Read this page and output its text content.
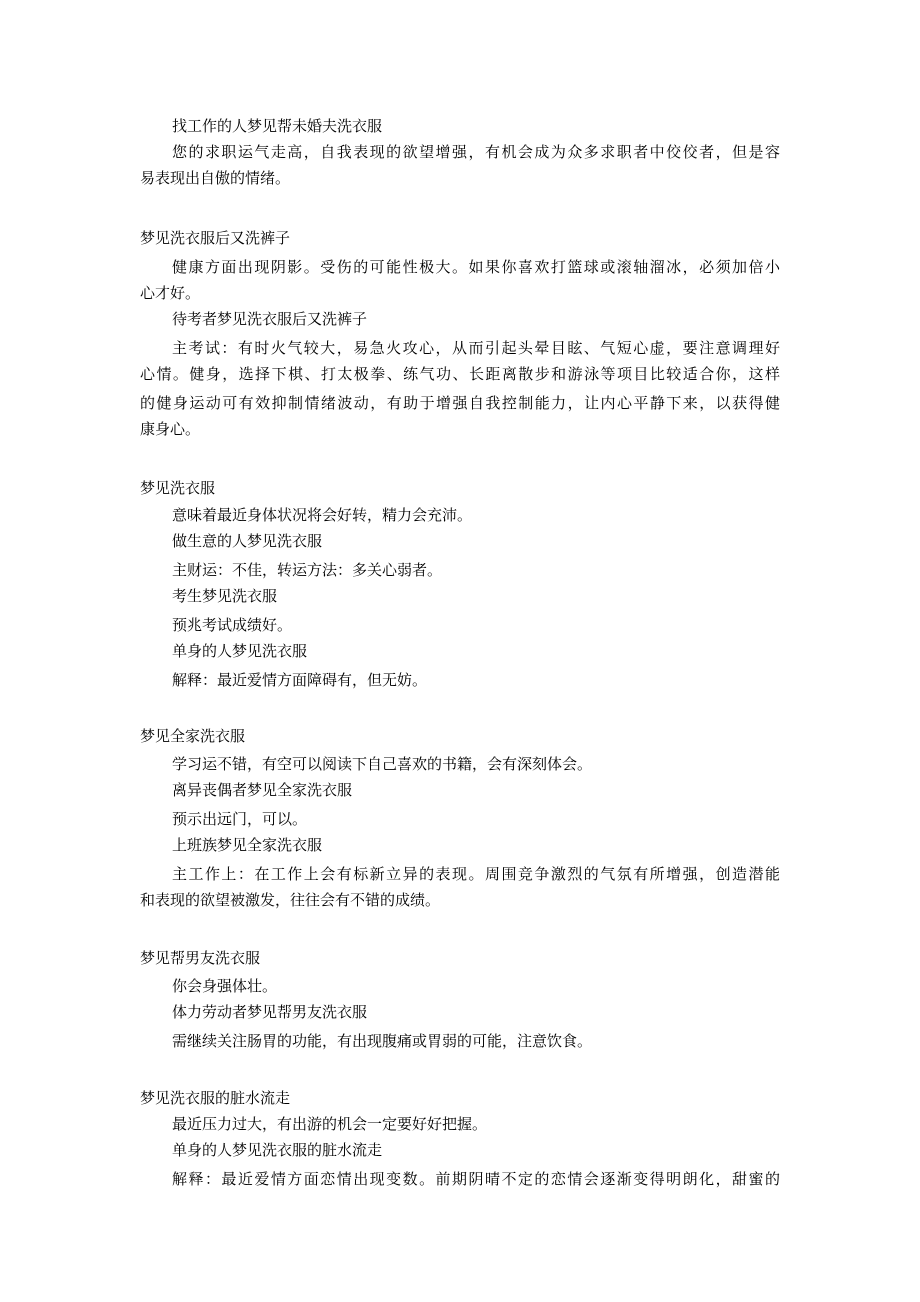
找工作的人梦见帮未婚夫洗衣服
您的求职运气走高，自我表现的欲望增强，有机会成为众多求职者中佼佼者，但是容
易表现出自傲的情绪。
梦见洗衣服后又洗裤子
健康方面出现阴影。受伤的可能性极大。如果你喜欢打篮球或滚轴溜冰，必须加倍小
心才好。
待考者梦见洗衣服后又洗裤子
主考试：有时火气较大，易急火攻心，从而引起头晕目眩、气短心虚，要注意调理好
心情。健身，选择下棋、打太极拳、练气功、长距离散步和游泳等项目比较适合你，这样
的健身运动可有效抑制情绪波动，有助于增强自我控制能力，让内心平静下来，以获得健
康身心。
梦见洗衣服
意味着最近身体状况将会好转，精力会充沛。
做生意的人梦见洗衣服
主财运：不佳，转运方法：多关心弱者。
考生梦见洗衣服
预兆考试成绩好。
单身的人梦见洗衣服
解释：最近爱情方面障碍有，但无妨。
梦见全家洗衣服
学习运不错，有空可以阅读下自己喜欢的书籍，会有深刻体会。
离异丧偶者梦见全家洗衣服
预示出远门，可以。
上班族梦见全家洗衣服
主工作上：在工作上会有标新立异的表现。周围竞争激烈的气氛有所增强，创造潜能
和表现的欲望被激发，往往会有不错的成绩。
梦见帮男友洗衣服
你会身强体壮。
体力劳动者梦见帮男友洗衣服
需继续关注肠胃的功能，有出现腹痛或胃弱的可能，注意饮食。
梦见洗衣服的脏水流走
最近压力过大，有出游的机会一定要好好把握。
单身的人梦见洗衣服的脏水流走
解释：最近爱情方面恋情出现变数。前期阴晴不定的恋情会逐渐变得明朗化，甜蜜的
